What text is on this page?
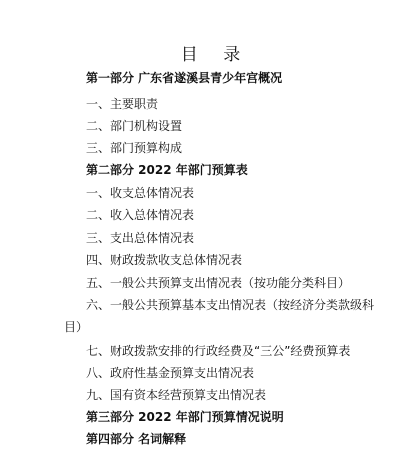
目 录
第一部分 广东省遂溪县青少年宫概况
一、主要职责
二、部门机构设置
三、部门预算构成
第二部分 2022 年部门预算表
一、收支总体情况表
二、收入总体情况表
三、支出总体情况表
四、财政拨款收支总体情况表
五、一般公共预算支出情况表（按功能分类科目）
六、一般公共预算基本支出情况表（按经济分类款级科
目）
七、财政拨款安排的行政经费及“三公”经费预算表
八、政府性基金预算支出情况表
九、国有资本经营预算支出情况表
第三部分 2022 年部门预算情况说明
第四部分 名词解释
